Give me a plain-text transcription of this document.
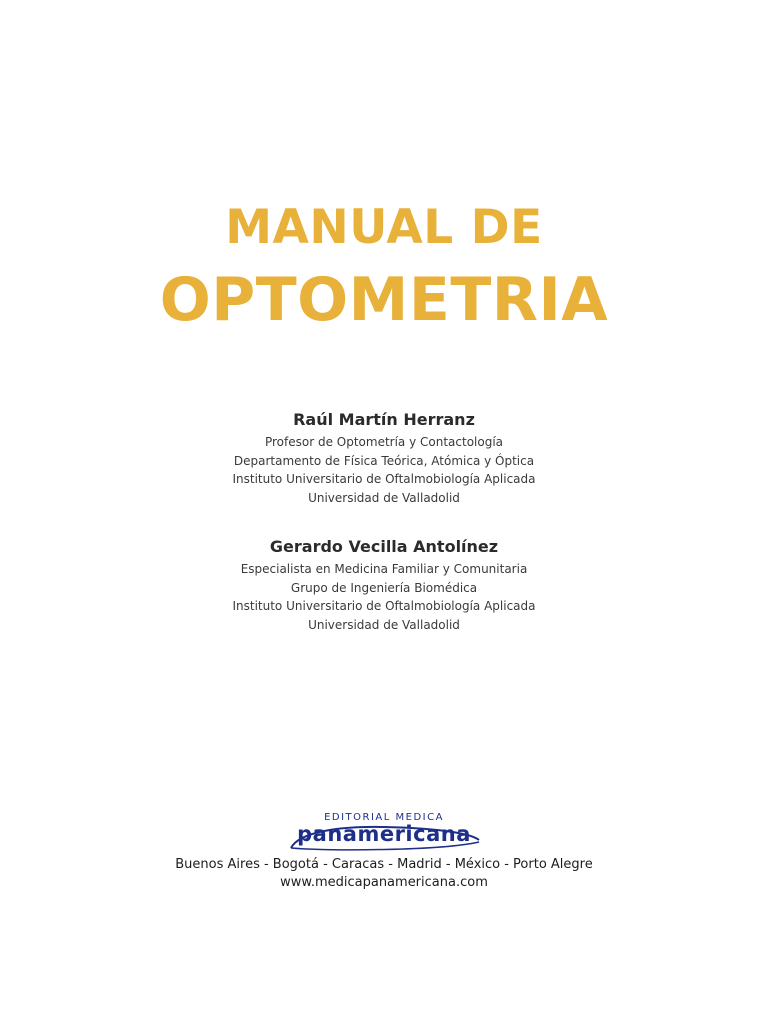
MANUAL DE
OPTOMETRIA
Raúl Martín Herranz
Profesor de Optometría y Contactología
Departamento de Física Teórica, Atómica y Óptica
Instituto Universitario de Oftalmobiología Aplicada
Universidad de Valladolid
Gerardo Vecilla Antolínez
Especialista en Medicina Familiar y Comunitaria
Grupo de Ingeniería Biomédica
Instituto Universitario de Oftalmobiología Aplicada
Universidad de Valladolid
EDITORIAL MEDICA
panamericana
Buenos Aires - Bogotá - Caracas - Madrid - México - Porto Alegre
www.medicapanamericana.com
